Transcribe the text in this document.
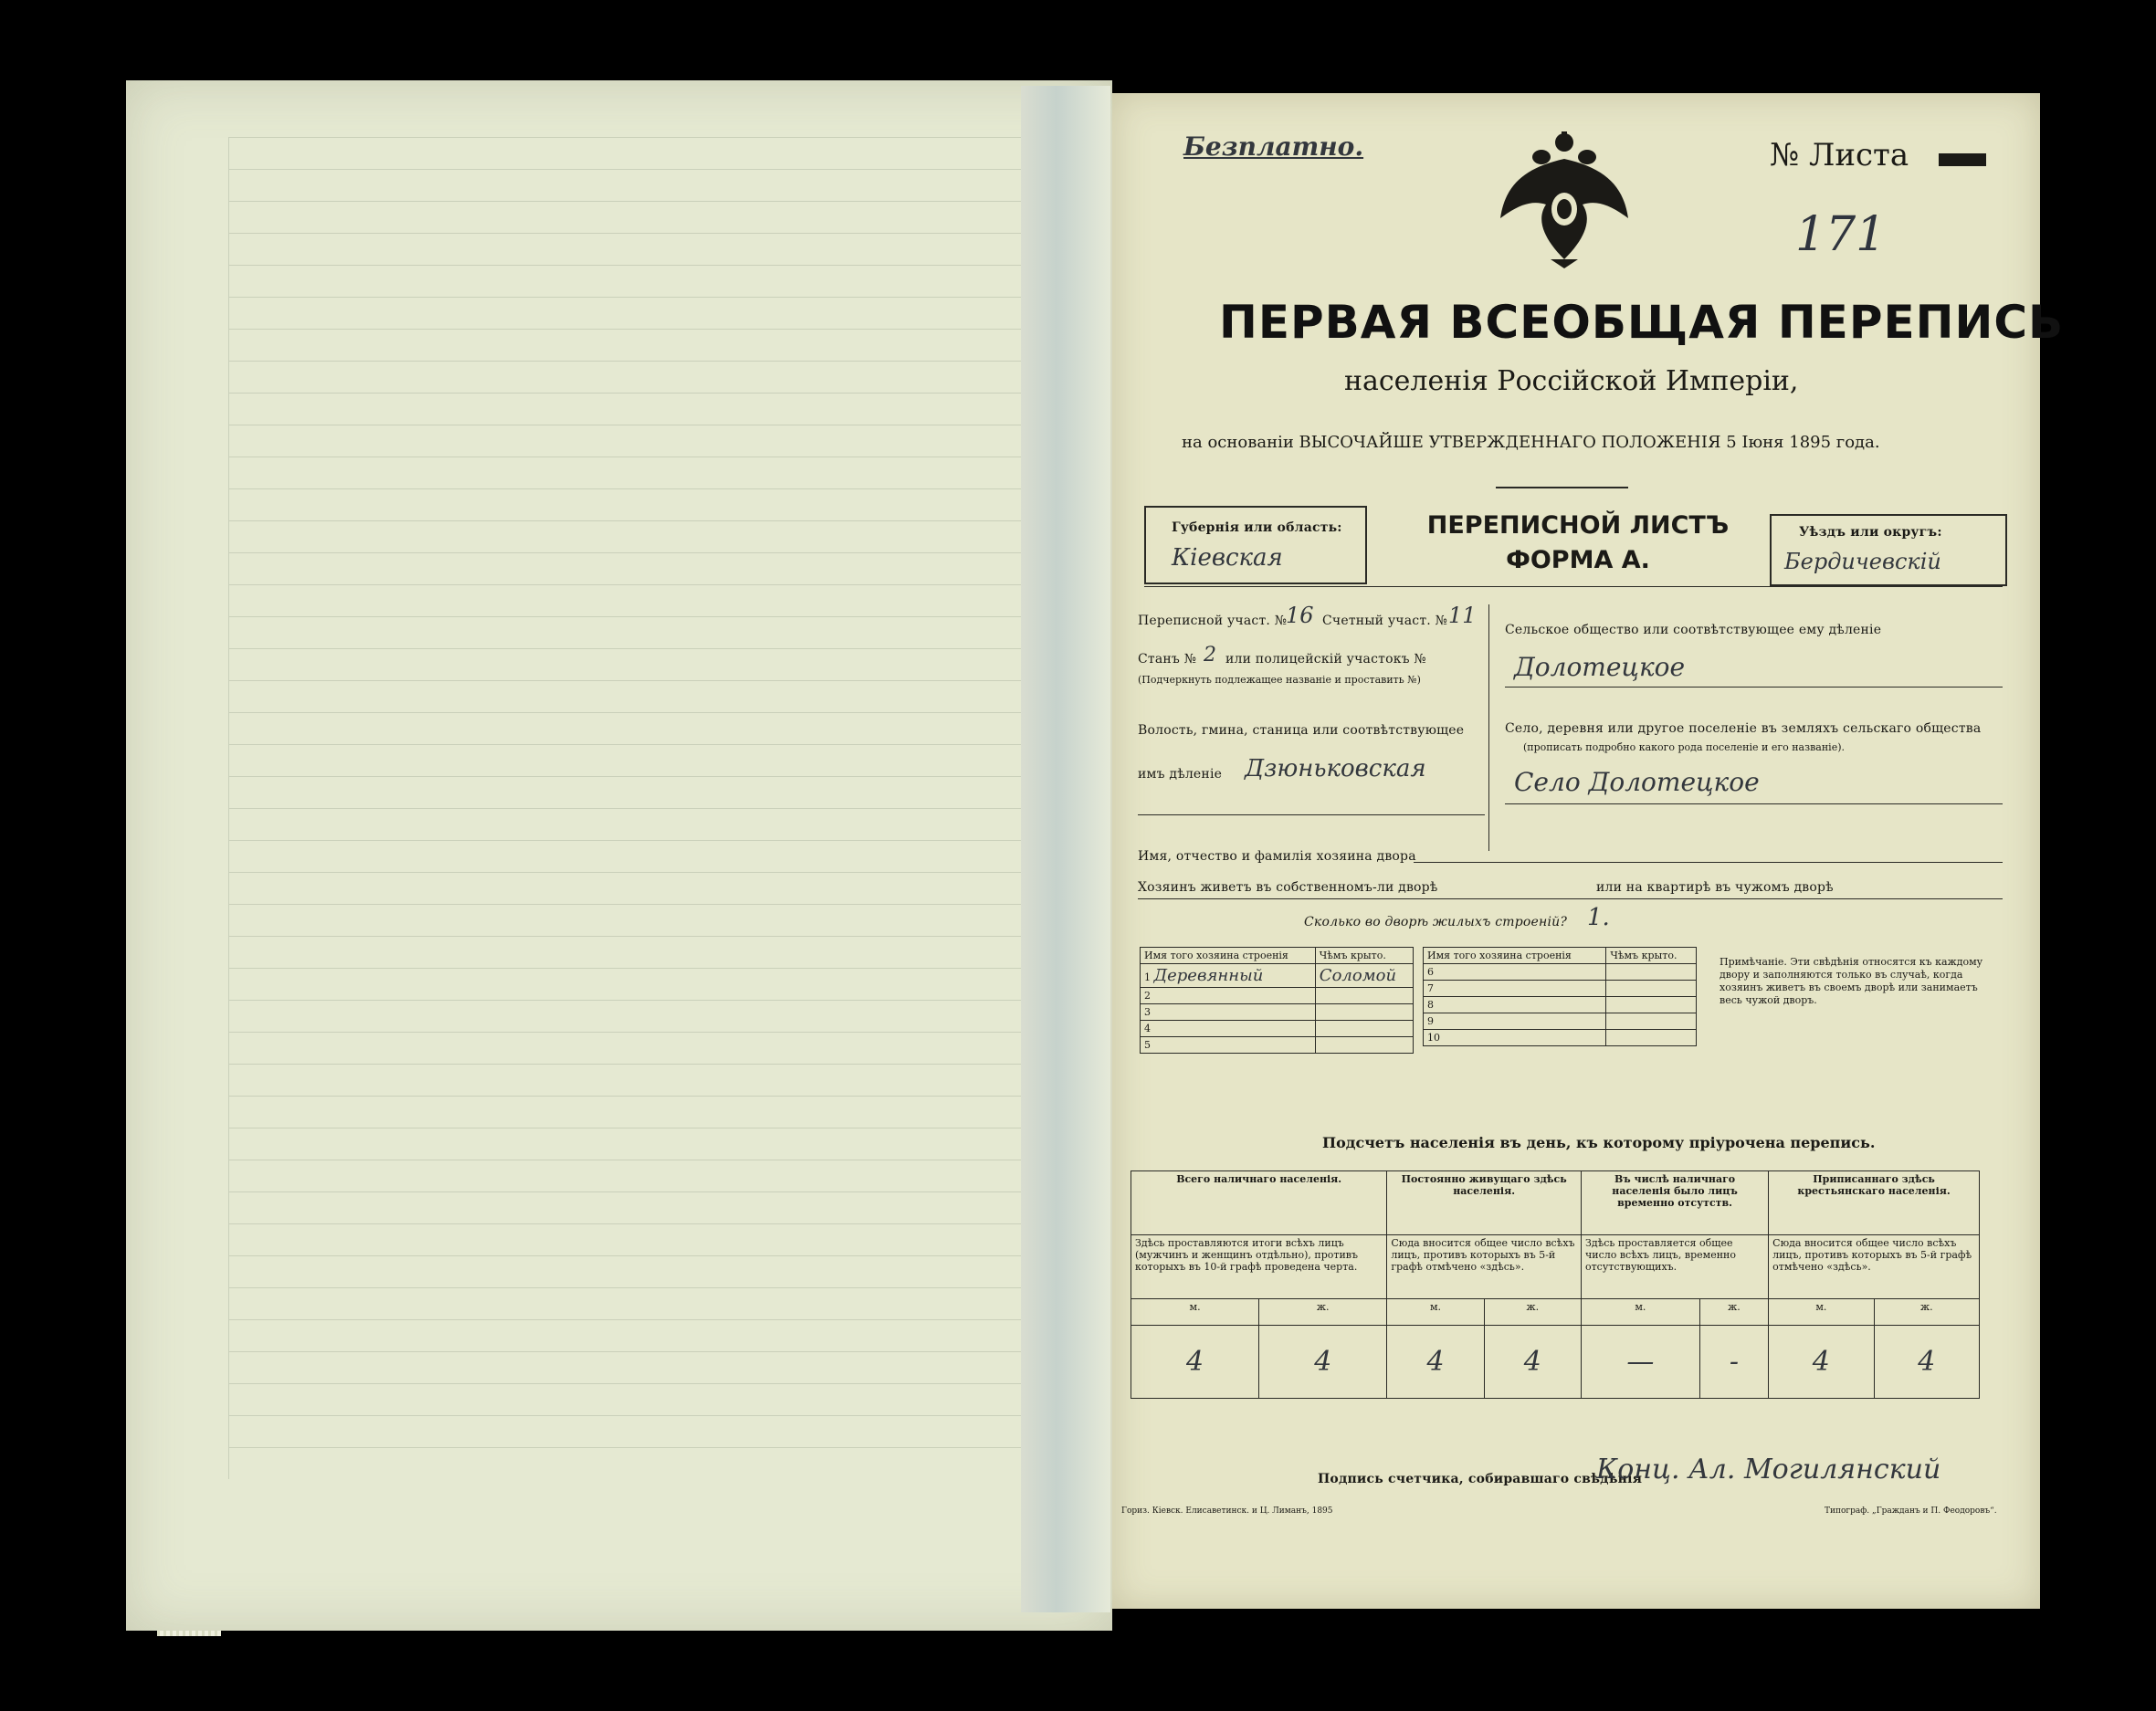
Безплатно.	№ Листа
171
ПЕРВАЯ ВСЕОБЩАЯ ПЕРЕПИСЬ
населенія Россійской Имперіи,
на основаніи ВЫСОЧАЙШЕ УТВЕРЖДЕННАГО ПОЛОЖЕНІЯ 5 Іюня 1895 года.
Губернія или область:
Кіевская
ПЕРЕПИСНОЙ ЛИСТЪ
ФОРМА А.
Уѣздъ или округъ:
Бердичевскій
Переписной участ. №
16 Счетный участ. № 11
Станъ № 2 или полицейскій участокъ №
(Подчеркнуть подлежащее названіе и проставить №)
Волость, гмина, станица или соотвѣтствующее
имъ дѣленіе Дзюньковская
Сельское общество или соотвѣтствующее ему дѣленіе
Долотецкое
Село, деревня или другое поселеніе въ земляхъ сельскаго общества
(прописать подробно какого рода поселеніе и его названіе).
Село Долотецкое
Имя, отчество и фамилія хозяина двора
Хозяинъ живетъ въ собственномъ-ли дворѣ	или на квартирѣ въ чужомъ дворѣ
Сколько во дворѣ жилыхъ строеній? 1.
Имя того хозяина строенія	Чѣмъ крыто.
1 Деревянный	Соломой
2	
3	
4	
5	
Имя того хозяина строенія	Чѣмъ крыто.
6	
7	
8	
9	
10	
Примѣчаніе. Эти свѣдѣнія относятся къ каждому двору и заполняются только въ случаѣ, когда хозяинъ живетъ въ своемъ дворѣ или занимаетъ весь чужой дворъ.
Подсчетъ населенія въ день, къ которому пріурочена перепись.
Всего наличнаго населенія.		Постоянно живущаго здѣсь населенія.		Въ числѣ наличнаго населенія было лицъ временно отсутств.		Приписаннаго здѣсь крестьянскаго населенія.	
Здѣсь проставляются итоги всѣхъ лицъ (мужчинъ и женщинъ отдѣльно), противъ которыхъ въ 10-й графѣ проведена черта.		Сюда вносится общее число всѣхъ лицъ, противъ которыхъ въ 5-й графѣ отмѣчено «здѣсь».		Здѣсь проставляется общее число всѣхъ лицъ, временно отсутствующихъ.		Сюда вносится общее число всѣхъ лицъ, противъ которыхъ въ 5-й графѣ отмѣчено «здѣсь».	
м.	ж.	м.	ж.	м.	ж.	м.	ж.
4	4	4	4	—	-	4	4
Подпись счетчика, собиравшаго свѣдѣнія
Конц. Ал. Могилянский
Гориз. Кіевск. Елисаветинск. и Ц. Лиманъ, 1895	Типограф. „Гражданъ и П. Феодоровъ“.
